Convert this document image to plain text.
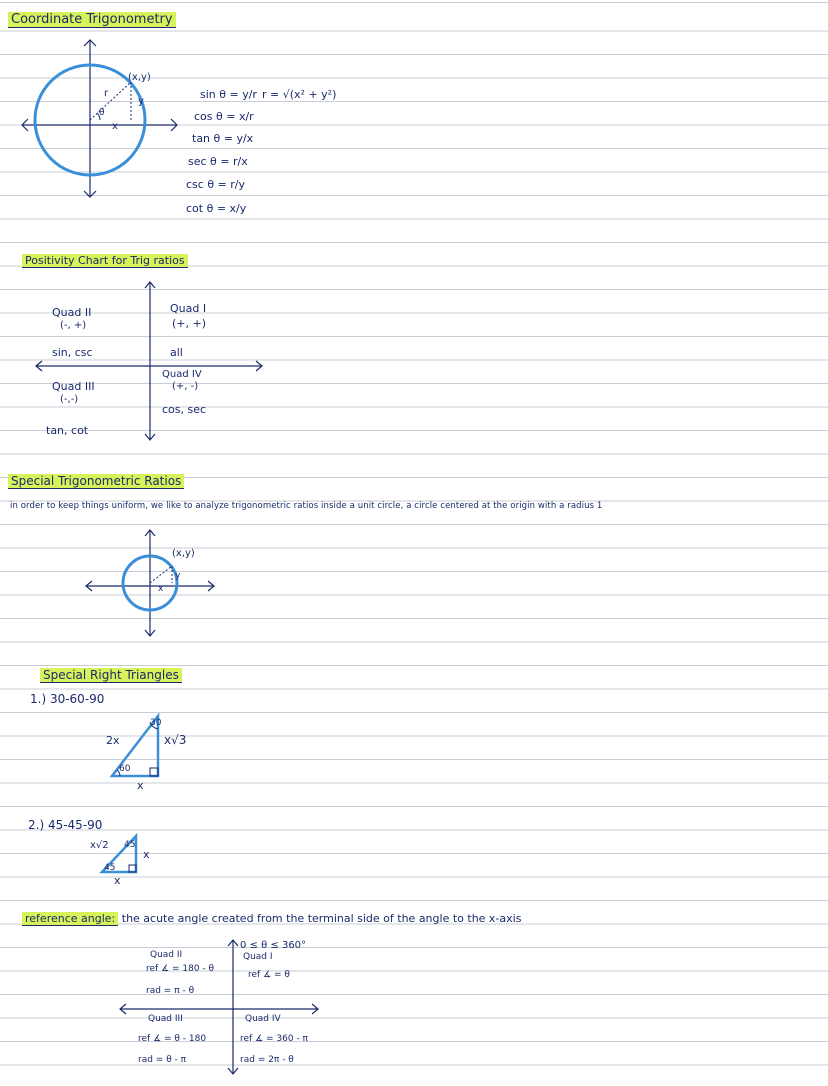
Coordinate Trigonometry
(x,y)
r
x
y
θ
sin θ = y/r r = √(x² + y²)
cos θ = x/r
tan θ = y/x
sec θ = r/x
csc θ = r/y
cot θ = x/y
Positivity Chart for Trig ratios
Quad II
(-, +)
sin, csc
Quad I
(+, +)
all
Quad III
(-,-)
tan, cot
Quad IV
(+, -)
cos, sec
Special Trigonometric Ratios
in order to keep things uniform, we like to analyze trigonometric ratios inside a unit circle, a circle centered at the origin with a radius 1
(x,y)
x
y
Special Right Triangles
1.) 30-60-90
2x
30
x√3
60
x
2.) 45-45-90
x√2 45
x
45
x
reference angle: the acute angle created from the terminal side of the angle to the x-axis
0 ≤ θ ≤ 360°
Quad I
ref ∡ = θ
Quad II
ref ∡ = 180 - θ
rad = π - θ
Quad III
ref ∡ = θ - 180
rad = θ - π
Quad IV
ref ∡ = 360 - π
rad = 2π - θ
